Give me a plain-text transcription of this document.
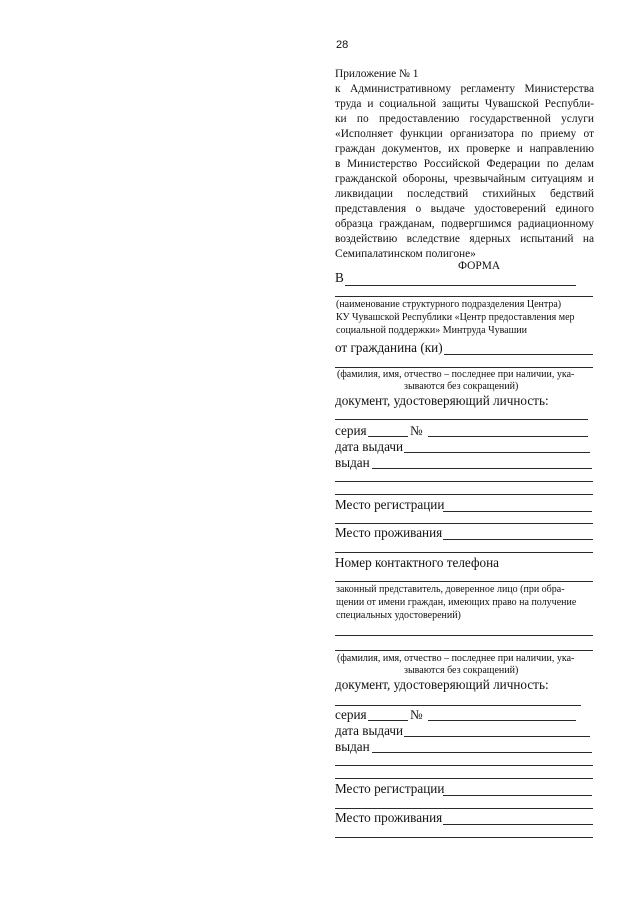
28
Приложение № 1
к Административному регламенту Министерства
труда и социальной защиты Чувашской Республи-
ки по предоставлению государственной услуги
«Исполняет функции организатора по приему от
граждан документов, их проверке и направлению
в Министерство Российской Федерации по делам
гражданской обороны, чрезвычайным ситуациям и
ликвидации последствий стихийных бедствий
представления о выдаче удостоверений единого
образца гражданам, подвергшимся радиационному
воздействию вследствие ядерных испытаний на
Семипалатинском полигоне»
ФОРМА
В
(наименование структурного подразделения Центра)
КУ Чувашской Республики «Центр предоставления мер
социальной поддержки» Минтруда Чувашии
от гражданина (ки)
(фамилия, имя, отчество – последнее при наличии, ука-
зываются без сокращений)
документ, удостоверяющий личность:
серия	№
дата выдачи
выдан
Место регистрации
Место проживания
Номер контактного телефона
законный представитель, доверенное лицо (при обра-
щении от имени граждан, имеющих право на получение
специальных удостоверений)
(фамилия, имя, отчество – последнее при наличии, ука-
зываются без сокращений)
документ, удостоверяющий личность:
серия	№
дата выдачи
выдан
Место регистрации
Место проживания
